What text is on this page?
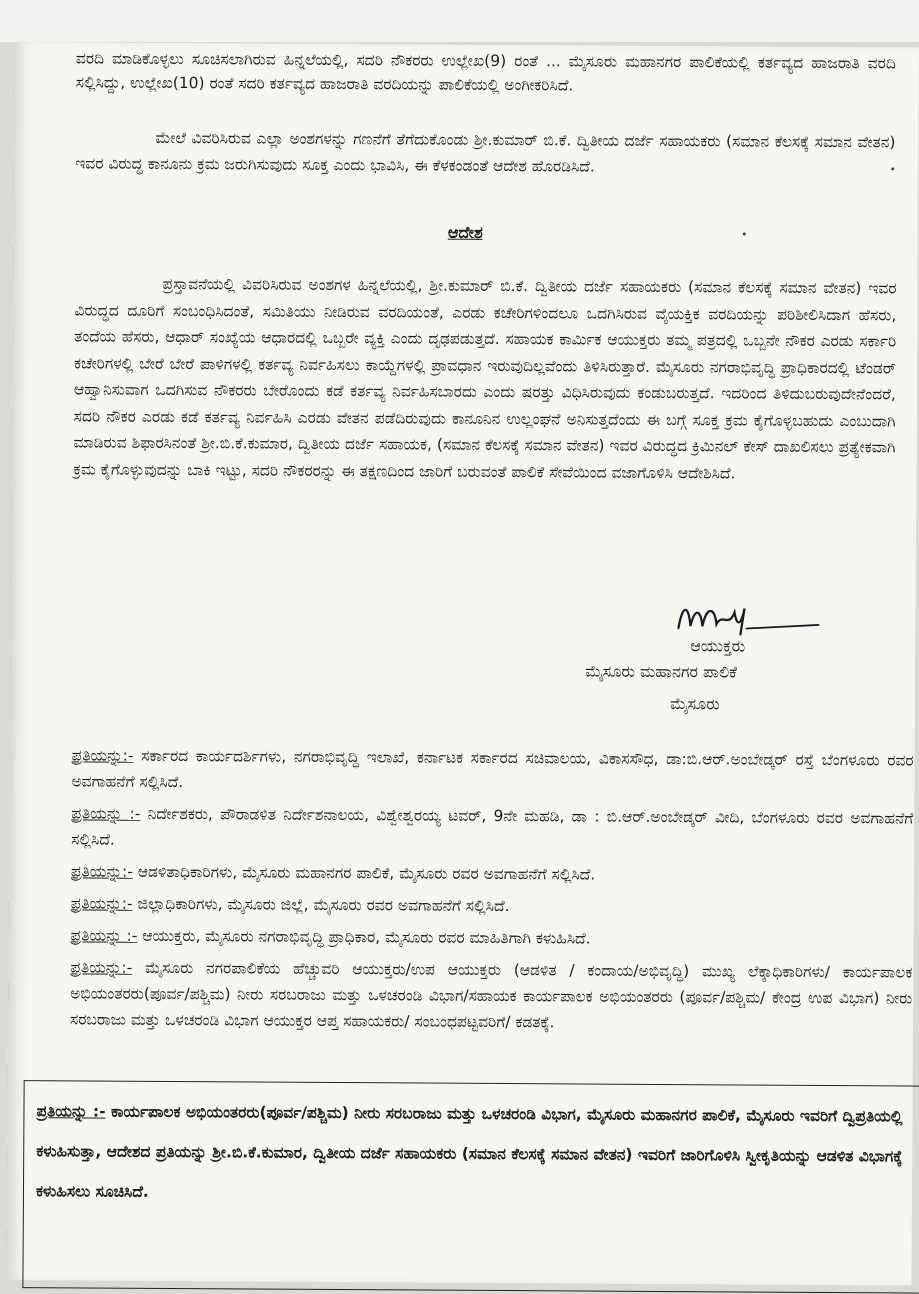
ವರದಿ ಮಾಡಿಕೊಳ್ಳಲು ಸೂಚಿಸಲಾಗಿರುವ ಹಿನ್ನಲೆಯಲ್ಲಿ, ಸದರಿ ನೌಕರರು ಉಲ್ಲೇಖ(9) ರಂತೆ ... ಮೈಸೂರು ಮಹಾನಗರ ಪಾಲಿಕೆಯಲ್ಲಿ ಕರ್ತವ್ಯದ ಹಾಜರಾತಿ ವರದಿ ಸಲ್ಲಿಸಿದ್ದು, ಉಲ್ಲೇಖ(10) ರಂತೆ ಸದರಿ ಕರ್ತವ್ಯದ ಹಾಜರಾತಿ ವರದಿಯನ್ನು ಪಾಲಿಕೆಯಲ್ಲಿ ಅಂಗೀಕರಿಸಿದೆ.

ಮೇಲೆ ವಿವರಿಸಿರುವ ಎಲ್ಲಾ ಅಂಶಗಳನ್ನು ಗಣನೆಗೆ ತೆಗೆದುಕೊಂಡು ಶ್ರೀ.ಕುಮಾರ್ ಬಿ.ಕೆ. ದ್ವಿತೀಯ ದರ್ಜೆ ಸಹಾಯಕರು (ಸಮಾನ ಕೆಲಸಕ್ಕೆ ಸಮಾನ ವೇತನ) ಇವರ ವಿರುದ್ಧ ಕಾನೂನು ಕ್ರಮ ಜರುಗಿಸುವುದು ಸೂಕ್ತ ಎಂದು ಭಾವಿಸಿ, ಈ ಕೆಳಕಂಡಂತೆ ಆದೇಶ ಹೊರಡಿಸಿದೆ.

ಆದೇಶ

ಪ್ರಸ್ತಾವನೆಯಲ್ಲಿ ವಿವರಿಸಿರುವ ಅಂಶಗಳ ಹಿನ್ನಲೆಯಲ್ಲಿ, ಶ್ರೀ.ಕುಮಾರ್ ಬಿ.ಕೆ. ದ್ವಿತೀಯ ದರ್ಜೆ ಸಹಾಯಕರು (ಸಮಾನ ಕೆಲಸಕ್ಕೆ ಸಮಾನ ವೇತನ) ಇವರ ವಿರುದ್ಧದ ದೂರಿಗೆ ಸಂಬಂಧಿಸಿದಂತೆ, ಸಮಿತಿಯು ನೀಡಿರುವ ವರದಿಯಂತೆ, ಎರಡು ಕಚೇರಿಗಳಿಂದಲೂ ಒದಗಿಸಿರುವ ವೈಯಕ್ತಿಕ ವರದಿಯನ್ನು ಪರಿಶೀಲಿಸಿದಾಗ ಹೆಸರು, ತಂದೆಯ ಹೆಸರು, ಆಧಾರ್ ಸಂಖ್ಯೆಯ ಆಧಾರದಲ್ಲಿ ಒಬ್ಬರೇ ವ್ಯಕ್ತಿ ಎಂದು ದೃಢಪಡುತ್ತದೆ. ಸಹಾಯಕ ಕಾರ್ಮಿಕ ಆಯುಕ್ತರು ತಮ್ಮ ಪತ್ರದಲ್ಲಿ ಒಬ್ಬನೇ ನೌಕರ ಎರಡು ಸರ್ಕಾರಿ ಕಚೇರಿಗಳಲ್ಲಿ ಬೇರೆ ಬೇರೆ ಪಾಳಿಗಳಲ್ಲಿ ಕರ್ತವ್ಯ ನಿರ್ವಹಿಸಲು ಕಾಯ್ದೆಗಳಲ್ಲಿ ಪ್ರಾವಧಾನ ಇರುವುದಿಲ್ಲವೆಂದು ತಿಳಿಸಿರುತ್ತಾರೆ. ಮೈಸೂರು ನಗರಾಭಿವೃದ್ಧಿ ಪ್ರಾಧಿಕಾರದಲ್ಲಿ ಟೆಂಡರ್ ಆಹ್ವಾನಿಸುವಾಗ ಒದಗಿಸುವ ನೌಕರರು ಬೇರೊಂದು ಕಡೆ ಕರ್ತವ್ಯ ನಿರ್ವಹಿಸಬಾರದು ಎಂದು ಷರತ್ತು ವಿಧಿಸಿರುವುದು ಕಂಡುಬರುತ್ತದೆ. ಇದರಿಂದ ತಿಳಿದುಬರುವುದೇನೆಂದರೆ, ಸದರಿ ನೌಕರ ಎರಡು ಕಡೆ ಕರ್ತವ್ಯ ನಿರ್ವಹಿಸಿ ಎರಡು ವೇತನ ಪಡೆದಿರುವುದು ಕಾನೂನಿನ ಉಲ್ಲಂಘನೆ ಅನಿಸುತ್ತದೆಂದು ಈ ಬಗ್ಗೆ ಸೂಕ್ತ ಕ್ರಮ ಕೈಗೊಳ್ಳಬಹುದು ಎಂಬುದಾಗಿ ಮಾಡಿರುವ ಶಿಫಾರಸಿನಂತೆ ಶ್ರೀ.ಬಿ.ಕೆ.ಕುಮಾರ, ದ್ವಿತೀಯ ದರ್ಜೆ ಸಹಾಯಕ, (ಸಮಾನ ಕೆಲಸಕ್ಕೆ ಸಮಾನ ವೇತನ) ಇವರ ವಿರುದ್ಧದ ಕ್ರಿಮಿನಲ್ ಕೇಸ್ ದಾಖಲಿಸಲು ಪ್ರತ್ಯೇಕವಾಗಿ ಕ್ರಮ ಕೈಗೊಳ್ಳುವುದನ್ನು ಬಾಕಿ ಇಟ್ಟು, ಸದರಿ ನೌಕರರನ್ನು ಈ ತಕ್ಷಣದಿಂದ ಜಾರಿಗೆ ಬರುವಂತೆ ಪಾಲಿಕೆ ಸೇವೆಯಿಂದ ವಜಾಗೊಳಿಸಿ ಆದೇಶಿಸಿದೆ.

ಆಯುಕ್ತರು
ಮೈಸೂರು ಮಹಾನಗರ ಪಾಲಿಕೆ
ಮೈಸೂರು

ಪ್ರತಿಯನ್ನು:- ಸರ್ಕಾರದ ಕಾರ್ಯದರ್ಶಿಗಳು, ನಗರಾಭಿವೃದ್ಧಿ ಇಲಾಖೆ, ಕರ್ನಾಟಕ ಸರ್ಕಾರದ ಸಚಿವಾಲಯ, ವಿಕಾಸಸೌಧ, ಡಾ:ಬಿ.ಆರ್.ಅಂಬೇಡ್ಕರ್ ರಸ್ತೆ ಬೆಂಗಳೂರು ರವರ ಅವಗಾಹನೆಗೆ ಸಲ್ಲಿಸಿದೆ.

ಪ್ರತಿಯನ್ನು :- ನಿರ್ದೇಶಕರು, ಪೌರಾಡಳಿತ ನಿರ್ದೇಶನಾಲಯ, ವಿಶ್ವೇಶ್ವರಯ್ಯ ಟವರ್, 9ನೇ ಮಹಡಿ, ಡಾ : ಬಿ.ಆರ್.ಅಂಬೇಡ್ಕರ್ ವೀದಿ, ಬೆಂಗಳೂರು ರವರ ಅವಗಾಹನೆಗೆ ಸಲ್ಲಿಸಿದೆ.

ಪ್ರತಿಯನ್ನು:- ಆಡಳಿತಾಧಿಕಾರಿಗಳು, ಮೈಸೂರು ಮಹಾನಗರ ಪಾಲಿಕೆ, ಮೈಸೂರು ರವರ ಅವಗಾಹನೆಗೆ ಸಲ್ಲಿಸಿದೆ.

ಪ್ರತಿಯನ್ನು:- ಜಿಲ್ಲಾಧಿಕಾರಿಗಳು, ಮೈಸೂರು ಜಿಲ್ಲೆ, ಮೈಸೂರು ರವರ ಅವಗಾಹನೆಗೆ ಸಲ್ಲಿಸಿದೆ.

ಪ್ರತಿಯನ್ನು :- ಆಯುಕ್ತರು, ಮೈಸೂರು ನಗರಾಭಿವೃದ್ಧಿ ಪ್ರಾಧಿಕಾರ, ಮೈಸೂರು ರವರ ಮಾಹಿತಿಗಾಗಿ ಕಳುಹಿಸಿದೆ.

ಪ್ರತಿಯನ್ನು:- ಮೈಸೂರು ನಗರಪಾಲಿಕೆಯ ಹೆಚ್ಚುವರಿ ಆಯುಕ್ತರು/ಉಪ ಆಯುಕ್ತರು (ಆಡಳಿತ / ಕಂದಾಯ/ಅಭಿವೃದ್ಧಿ) ಮುಖ್ಯ ಲೆಕ್ಕಾಧಿಕಾರಿಗಳು/ ಕಾರ್ಯಪಾಲಕ ಅಭಿಯಂತರರು(ಪೂರ್ವ/ಪಶ್ಚಿಮ) ನೀರು ಸರಬರಾಜು ಮತ್ತು ಒಳಚರಂಡಿ ವಿಭಾಗ/ಸಹಾಯಕ ಕಾರ್ಯಪಾಲಕ ಅಭಿಯಂತರರು (ಪೂರ್ವ/ಪಶ್ಚಿಮ/ ಕೇಂದ್ರ ಉಪ ವಿಭಾಗ) ನೀರು ಸರಬರಾಜು ಮತ್ತು ಒಳಚರಂಡಿ ವಿಭಾಗ ಆಯುಕ್ತರ ಆಪ್ತ ಸಹಾಯಕರು/ ಸಂಬಂಧಪಟ್ಟವರಿಗೆ/ ಕಡತಕ್ಕೆ.

ಪ್ರತಿಯನ್ನು :- ಕಾರ್ಯಪಾಲಕ ಅಭಿಯಂತರರು(ಪೂರ್ವ/ಪಶ್ಚಿಮ) ನೀರು ಸರಬರಾಜು ಮತ್ತು ಒಳಚರಂಡಿ ವಿಭಾಗ, ಮೈಸೂರು ಮಹಾನಗರ ಪಾಲಿಕೆ, ಮೈಸೂರು ಇವರಿಗೆ ದ್ವಿಪ್ರತಿಯಲ್ಲಿ ಕಳುಹಿಸುತ್ತಾ, ಆದೇಶದ ಪ್ರತಿಯನ್ನು ಶ್ರೀ.ಬಿ.ಕೆ.ಕುಮಾರ, ದ್ವಿತೀಯ ದರ್ಜೆ ಸಹಾಯಕರು (ಸಮಾನ ಕೆಲಸಕ್ಕೆ ಸಮಾನ ವೇತನ) ಇವರಿಗೆ ಜಾರಿಗೊಳಿಸಿ ಸ್ವೀಕೃತಿಯನ್ನು ಆಡಳಿತ ವಿಭಾಗಕ್ಕೆ ಕಳುಹಿಸಲು ಸೂಚಿಸಿದೆ.
